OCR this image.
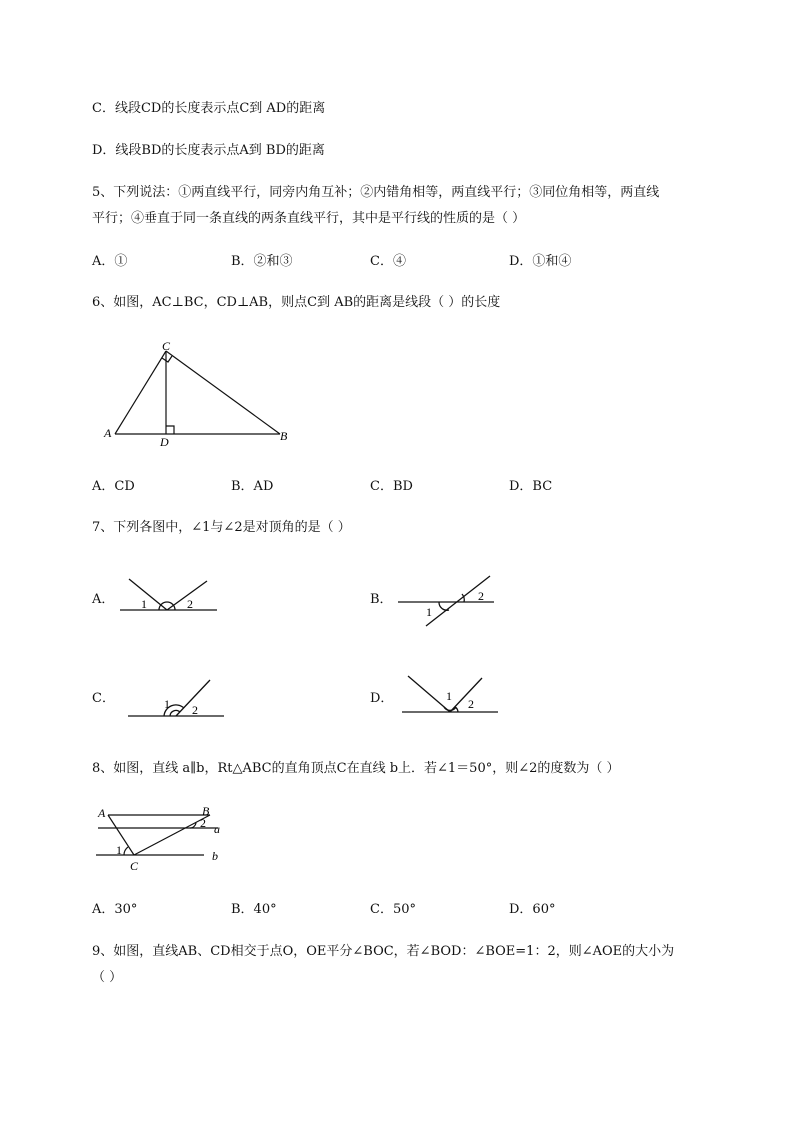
C．线段CD的长度表示点C到 AD的距离
D．线段BD的长度表示点A到 BD的距离
5、下列说法：①两直线平行，同旁内角互补；②内错角相等，两直线平行；③同位角相等，两直线
平行；④垂直于同一条直线的两条直线平行，其中是平行线的性质的是（ ）
A．①	B．②和③	C．④	D．①和④
6、如图，AC⊥BC，CD⊥AB，则点C到 AB的距离是线段（ ）的长度
C
A
D	B
A．CD	B．AD	C．BD	D．BC
7、下列各图中，∠1与∠2是对顶角的是（ ）
A． 1	2	B．
1
2
C．	1 2
D．	1
2
8、如图，直线 a∥b，Rt△ABC的直角顶点C在直线 b上．若∠1＝50°，则∠2的度数为（ ）
A	B
2 a
1	b
C
A．30°	B．40°	C．50°	D．60°
9、如图，直线AB、CD相交于点O，OE平分∠BOC，若∠BOD：∠BOE=1：2，则∠AOE的大小为
（ ）
